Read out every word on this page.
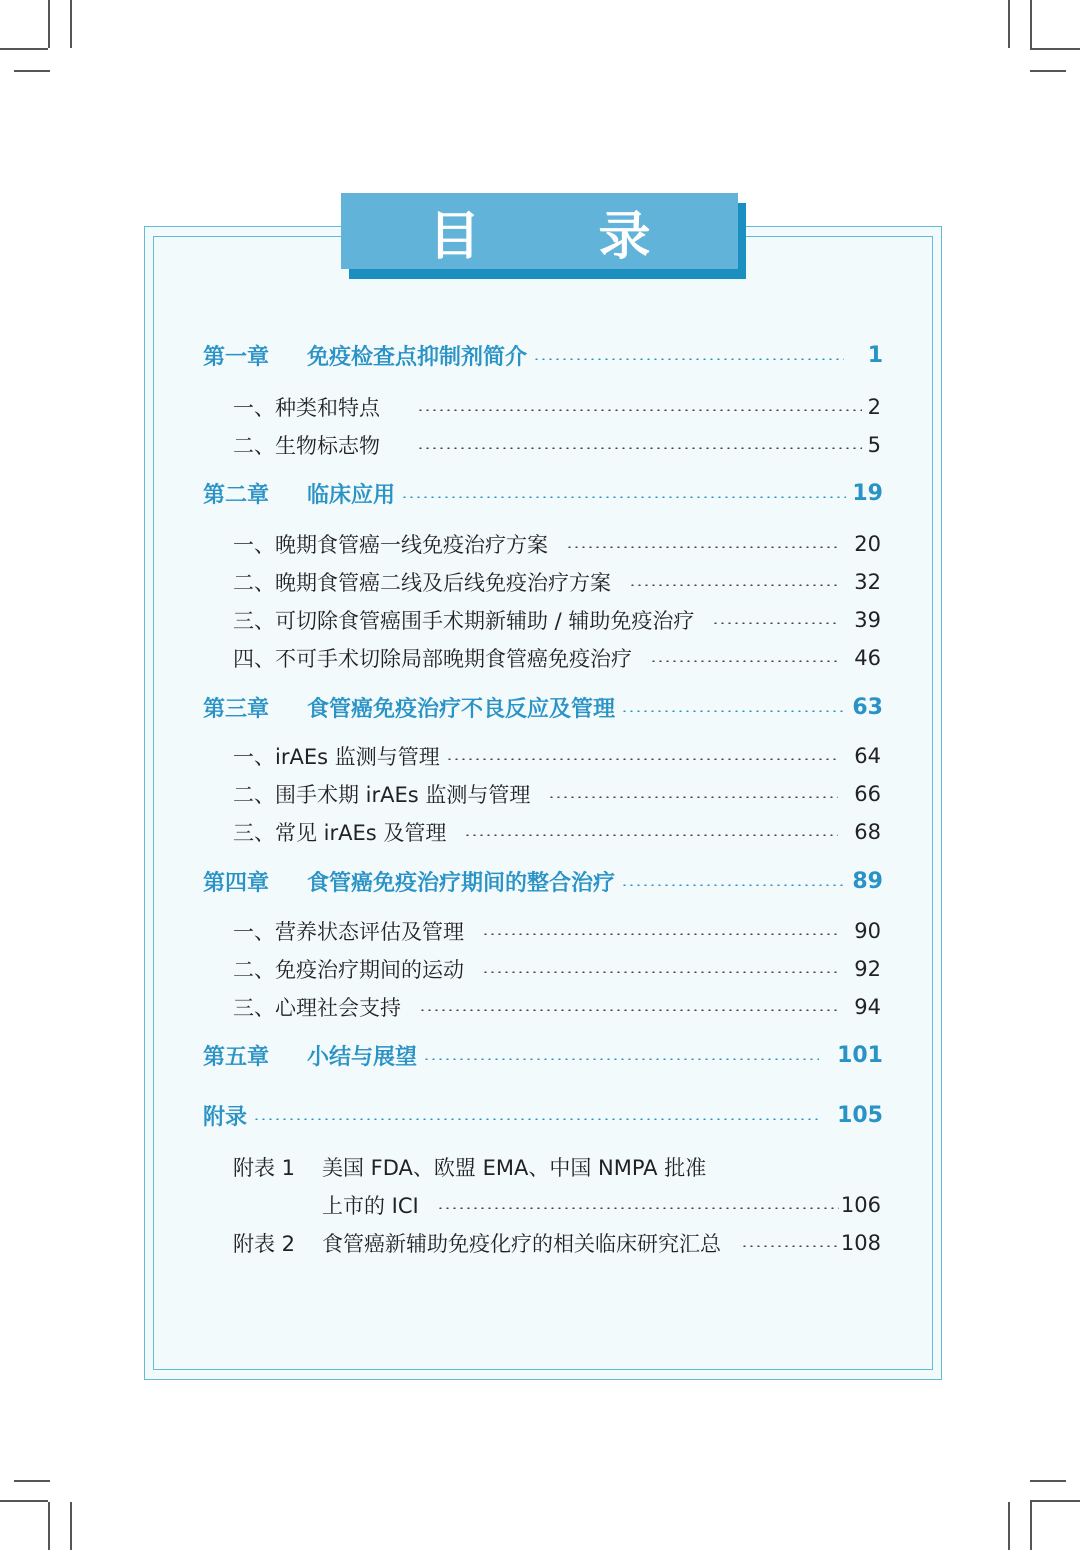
目 录
第一章 免疫检查点抑制剂简介	1
一、种类和特点	2
二、生物标志物	5
第二章 临床应用	19
一、晚期食管癌一线免疫治疗方案	20
二、晚期食管癌二线及后线免疫治疗方案	32
三、可切除食管癌围手术期新辅助 / 辅助免疫治疗	39
四、不可手术切除局部晚期食管癌免疫治疗	46
第三章 食管癌免疫治疗不良反应及管理	63
一、irAEs 监测与管理	64
二、围手术期 irAEs 监测与管理	66
三、常见 irAEs 及管理	68
第四章 食管癌免疫治疗期间的整合治疗	89
一、营养状态评估及管理	90
二、免疫治疗期间的运动	92
三、心理社会支持	94
第五章 小结与展望	101
附录	105
附表 1 美国 FDA、欧盟 EMA、中国 NMPA 批准
上市的 ICI	106
附表 2 食管癌新辅助免疫化疗的相关临床研究汇总	108
